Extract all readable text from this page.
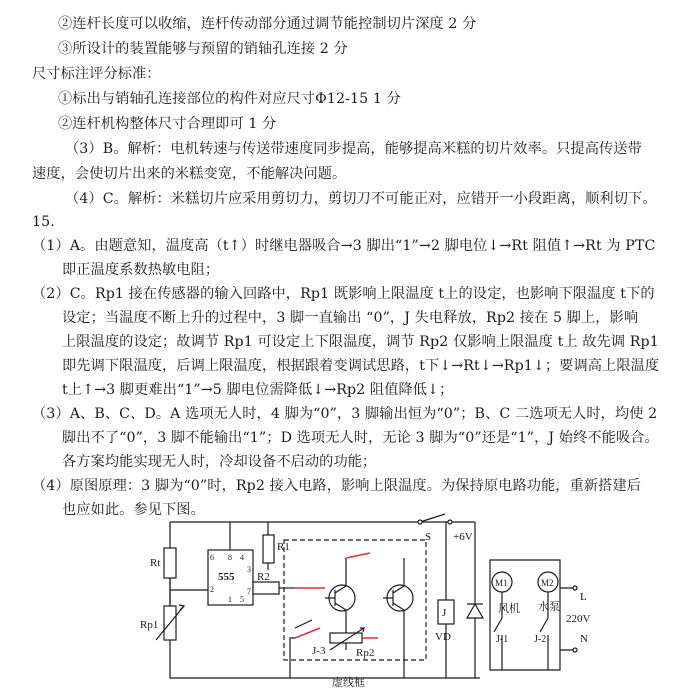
②连杆长度可以收缩，连杆传动部分通过调节能控制切片深度 2 分
③所设计的装置能够与预留的销轴孔连接 2 分
尺寸标注评分标准：
①标出与销轴孔连接部位的构件对应尺寸Φ12-15 1 分
②连杆机构整体尺寸合理即可 1 分
（3）B。解析：电机转速与传送带速度同步提高，能够提高米糕的切片效率。只提高传送带
速度，会使切片出来的米糕变宽，不能解决问题。
（4）C。解析：米糕切片应采用剪切力，剪切刀不可能正对，应错开一小段距离，顺利切下。
15.
（1）A。由题意知，温度高（t↑）时继电器吸合→3 脚出“1”→2 脚电位↓→Rt 阻值↑→Rt 为 PTC
即正温度系数热敏电阻；
（2）C。Rp1 接在传感器的输入回路中，Rp1 既影响上限温度 t上的设定，也影响下限温度 t下的
设定；当温度不断上升的过程中，3 脚一直输出 “0”，J 失电释放，Rp2 接在 5 脚上，影响
上限温度的设定；故调节 Rp1 可设定上下限温度，调节 Rp2 仅影响上限温度 t上 故先调 Rp1
即先调下限温度，后调上限温度，根据跟着变调试思路，t下↓→Rt↓→Rp1↓；要调高上限温度
t上↑→3 脚更难出“1”→5 脚电位需降低↓→Rp2 阻值降低↓；
（3）A、B、C、D。A 选项无人时，4 脚为“0”，3 脚输出恒为“0”；B、C 二选项无人时，均使 2
脚出不了“0”，3 脚不能输出“1”；D 选项无人时，无论 3 脚为“0”还是“1”，J 始终不能吸合。
各方案均能实现无人时，冷却设备不启动的功能；
（4）原图原理：3 脚为“0”时，Rp2 接入电路，影响上限温度。为保持原电路功能，重新搭建后
也应如此。参见下图。
Rt
Rp1
R1
R2
555
6 8 4
3
2	7
1 5
S +6V
J
VD
J-3	Rp2
虚线框
M1	M2
风机 水泵
L
220V
N
J-1	J-2
